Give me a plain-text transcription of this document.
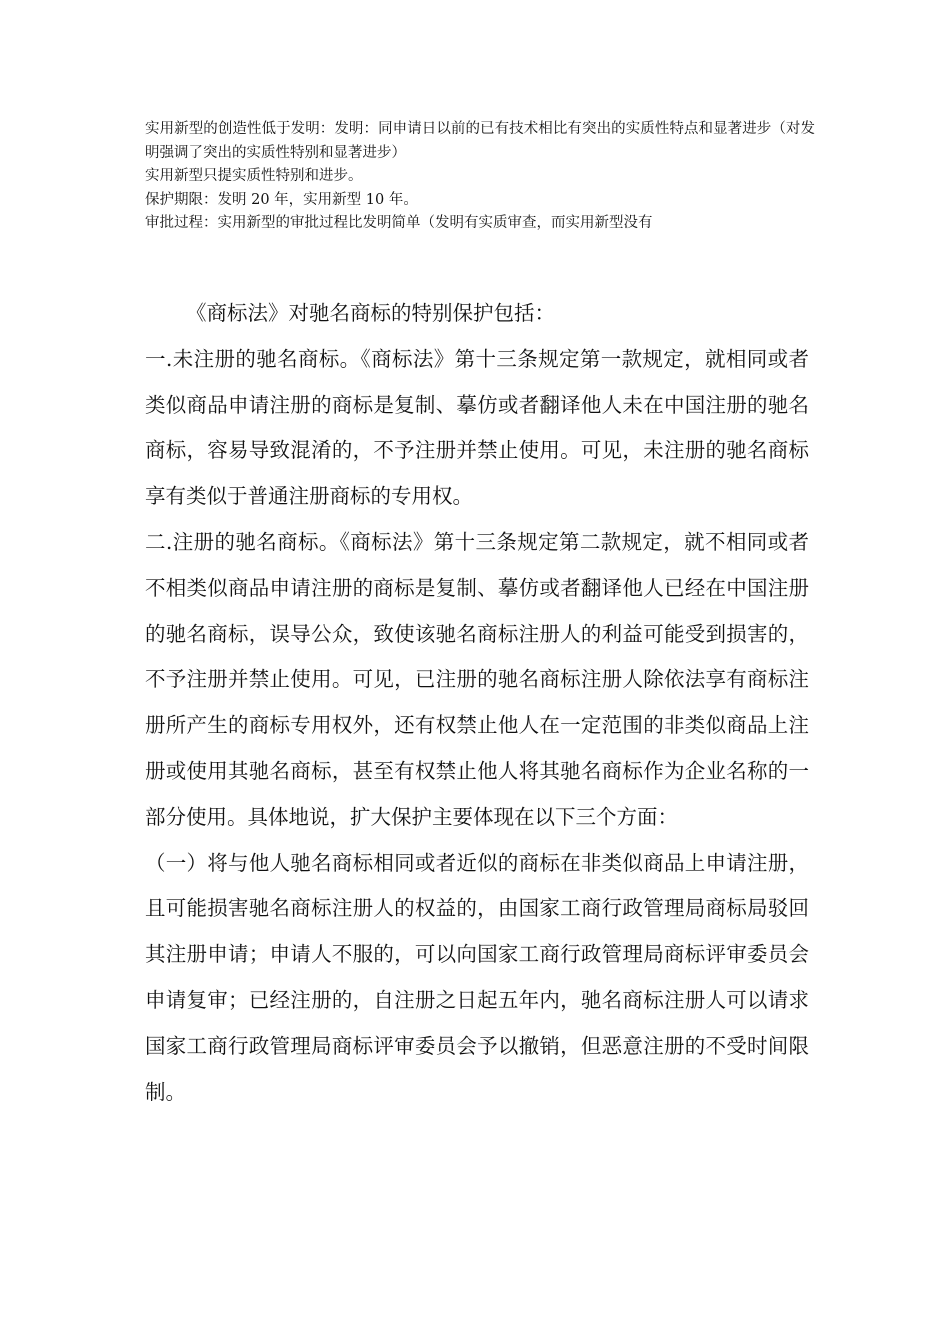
实用新型的创造性低于发明：发明：同申请日以前的已有技术相比有突出的实质性特点和显著进步（对发明强调了突出的实质性特别和显著进步）

实用新型只提实质性特别和进步。

保护期限：发明 20 年，实用新型 10 年。

审批过程：实用新型的审批过程比发明简单（发明有实质审查，而实用新型没有

《商标法》对驰名商标的特别保护包括：

一.未注册的驰名商标。《商标法》第十三条规定第一款规定，就相同或者类似商品申请注册的商标是复制、摹仿或者翻译他人未在中国注册的驰名商标，容易导致混淆的，不予注册并禁止使用。可见，未注册的驰名商标享有类似于普通注册商标的专用权。

二.注册的驰名商标。《商标法》第十三条规定第二款规定，就不相同或者不相类似商品申请注册的商标是复制、摹仿或者翻译他人已经在中国注册的驰名商标，误导公众，致使该驰名商标注册人的利益可能受到损害的，不予注册并禁止使用。可见，已注册的驰名商标注册人除依法享有商标注册所产生的商标专用权外，还有权禁止他人在一定范围的非类似商品上注册或使用其驰名商标，甚至有权禁止他人将其驰名商标作为企业名称的一部分使用。具体地说，扩大保护主要体现在以下三个方面：

（一）将与他人驰名商标相同或者近似的商标在非类似商品上申请注册，且可能损害驰名商标注册人的权益的，由国家工商行政管理局商标局驳回其注册申请；申请人不服的，可以向国家工商行政管理局商标评审委员会申请复审；已经注册的，自注册之日起五年内，驰名商标注册人可以请求国家工商行政管理局商标评审委员会予以撤销，但恶意注册的不受时间限制。
